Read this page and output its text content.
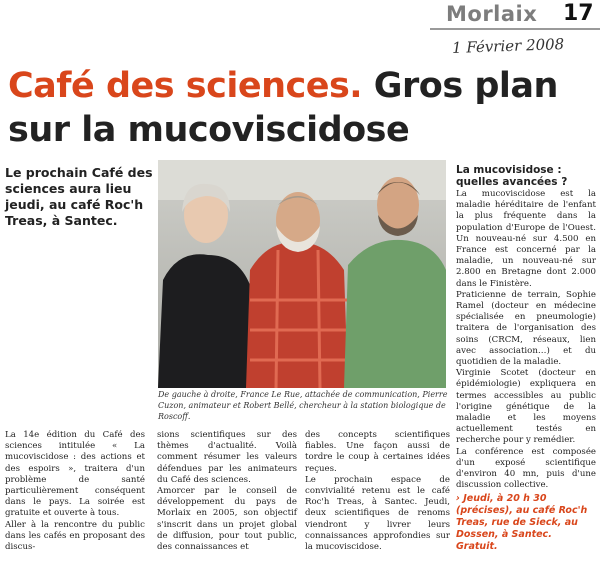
Morlaix 17
1 Février 2008
Café des sciences. Gros plan
sur la mucoviscidose
Le prochain Café des sciences aura lieu jeudi, au café Roc'h Treas, à Santec.
De gauche à droite, France Le Rue, attachée de communication, Pierre Cuzon, animateur et Robert Bellé, chercheur à la station biologique de Roscoff.

La 14e édition du Café des sciences intitulée « La mucoviscidose : des actions et des espoirs », traitera d'un problème de santé particulièrement conséquent dans le pays. La soirée est gratuite et ouverte à tous.

Aller à la rencontre du public dans les cafés en proposant des discus-

sions scientifiques sur des thèmes d'actualité. Voilà comment résumer les valeurs défendues par les animateurs du Café des sciences.

Amorcer par le conseil de développement du pays de Morlaix en 2005, son objectif s'inscrit dans un projet global de diffusion, pour tout public, des connaissances et

des concepts scientifiques fiables. Une façon aussi de tordre le coup à certaines idées reçues.

Le prochain espace de convivialité retenu est le café Roc'h Treas, à Santec. Jeudi, deux scientifiques de renoms viendront y livrer leurs connaissances approfondies sur la mucoviscidose.

La mucovisidose : quelles avancées ?

La mucoviscidose est la maladie héréditaire de l'enfant la plus fréquente dans la population d'Europe de l'Ouest. Un nouveau-né sur 4.500 en France est concerné par la maladie, un nouveau-né sur 2.800 en Bretagne dont 2.000 dans le Finistère.

Praticienne de terrain, Sophie Ramel (docteur en médecine spécialisée en pneumologie) traitera de l'organisation des soins (CRCM, réseaux, lien avec association…) et du quotidien de la maladie.

Virginie Scotet (docteur en épidémiologie) expliquera en termes accessibles au public l'origine génétique de la maladie et les moyens actuellement testés en recherche pour y remédier.

La conférence est composée d'un exposé scientifique d'environ 40 mn, puis d'une discussion collective.

› Jeudi, à 20 h 30 (précises), au café Roc'h Treas, rue de Sieck, au Dossen, à Santec. Gratuit.
